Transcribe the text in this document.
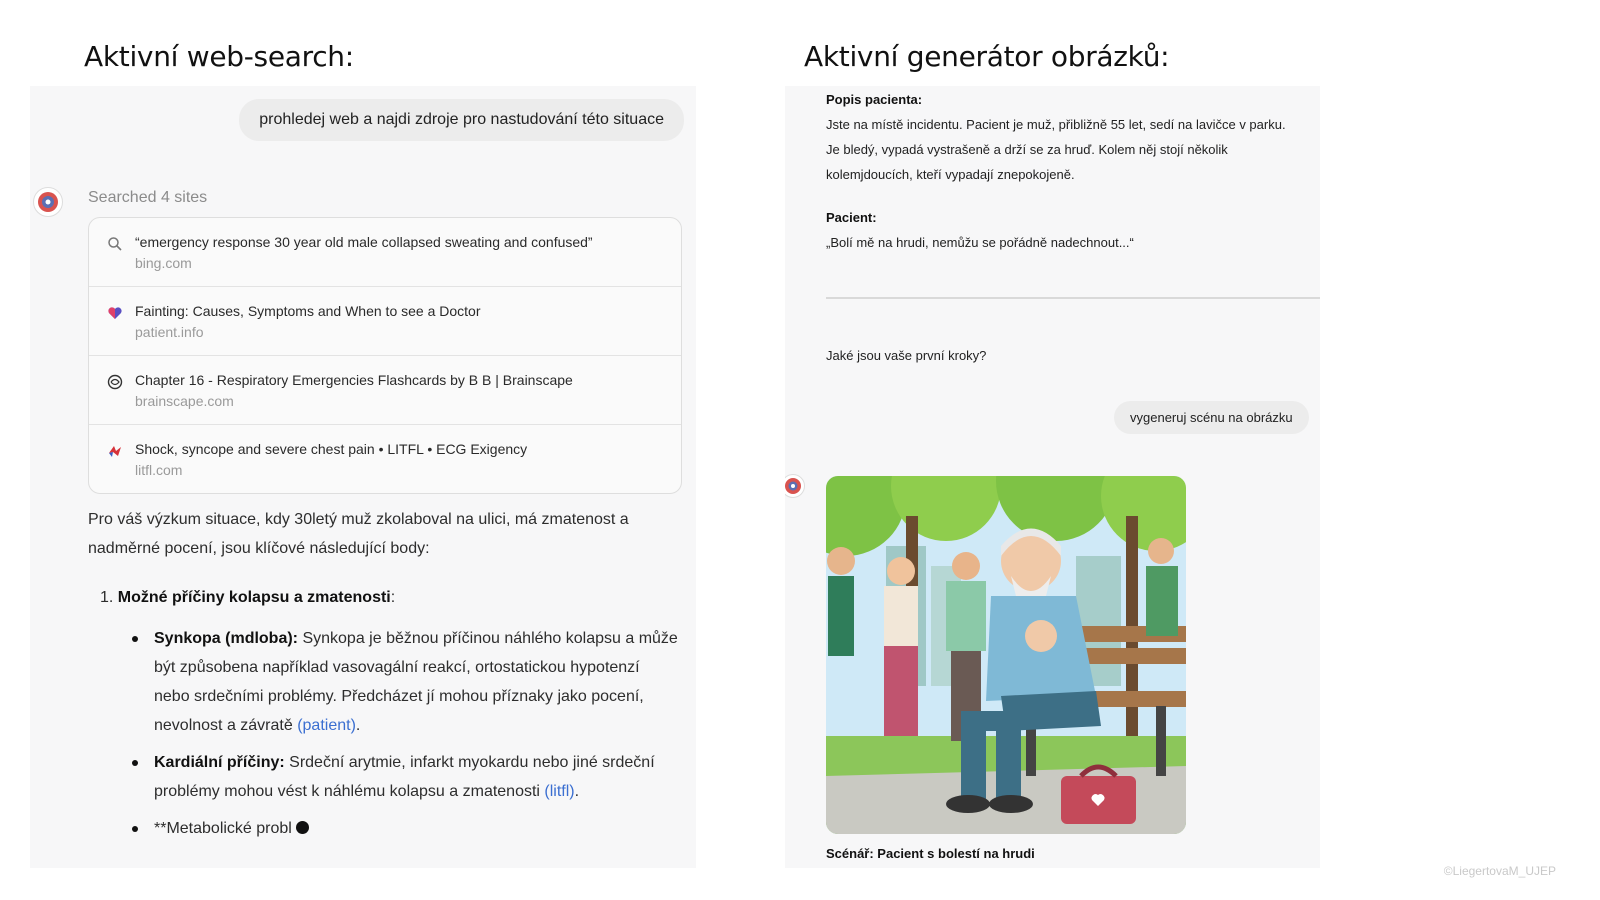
Aktivní web-search:	Aktivní generátor obrázků:
prohledej web a najdi zdroje pro nastudování této situace
Searched 4 sites
“emergency response 30 year old male collapsed sweating and confused”
bing.com
Fainting: Causes, Symptoms and When to see a Doctor
patient.info
Chapter 16 - Respiratory Emergencies Flashcards by B B | Brainscape
brainscape.com
Shock, syncope and severe chest pain • LITFL • ECG Exigency
litfl.com

Pro váš výzkum situace, kdy 30letý muž zkolaboval na ulici, má zmatenost a nadměrné pocení, jsou klíčové následující body:

1. Možné příčiny kolapsu a zmatenosti:
Synkopa (mdloba): Synkopa je běžnou příčinou náhlého kolapsu a může být způsobena například vasovagální reakcí, ortostatickou hypotenzí nebo srdečními problémy. Předcházet jí mohou příznaky jako pocení, nevolnost a závratě (patient).
Kardiální příčiny: Srdeční arytmie, infarkt myokardu nebo jiné srdeční problémy mohou vést k náhlému kolapsu a zmatenosti (litfl).
**Metabolické probl
Popis pacienta:
Jste na místě incidentu. Pacient je muž, přibližně 55 let, sedí na lavičce v parku.
Je bledý, vypadá vystrašeně a drží se za hruď. Kolem něj stojí několik
kolemjdoucích, kteří vypadají znepokojeně.
Pacient:
„Bolí mě na hrudi, nemůžu se pořádně nadechnout...“
Jaké jsou vaše první kroky?
vygeneruj scénu na obrázku
Scénář: Pacient s bolestí na hrudi
©LiegertovaM_UJEP
